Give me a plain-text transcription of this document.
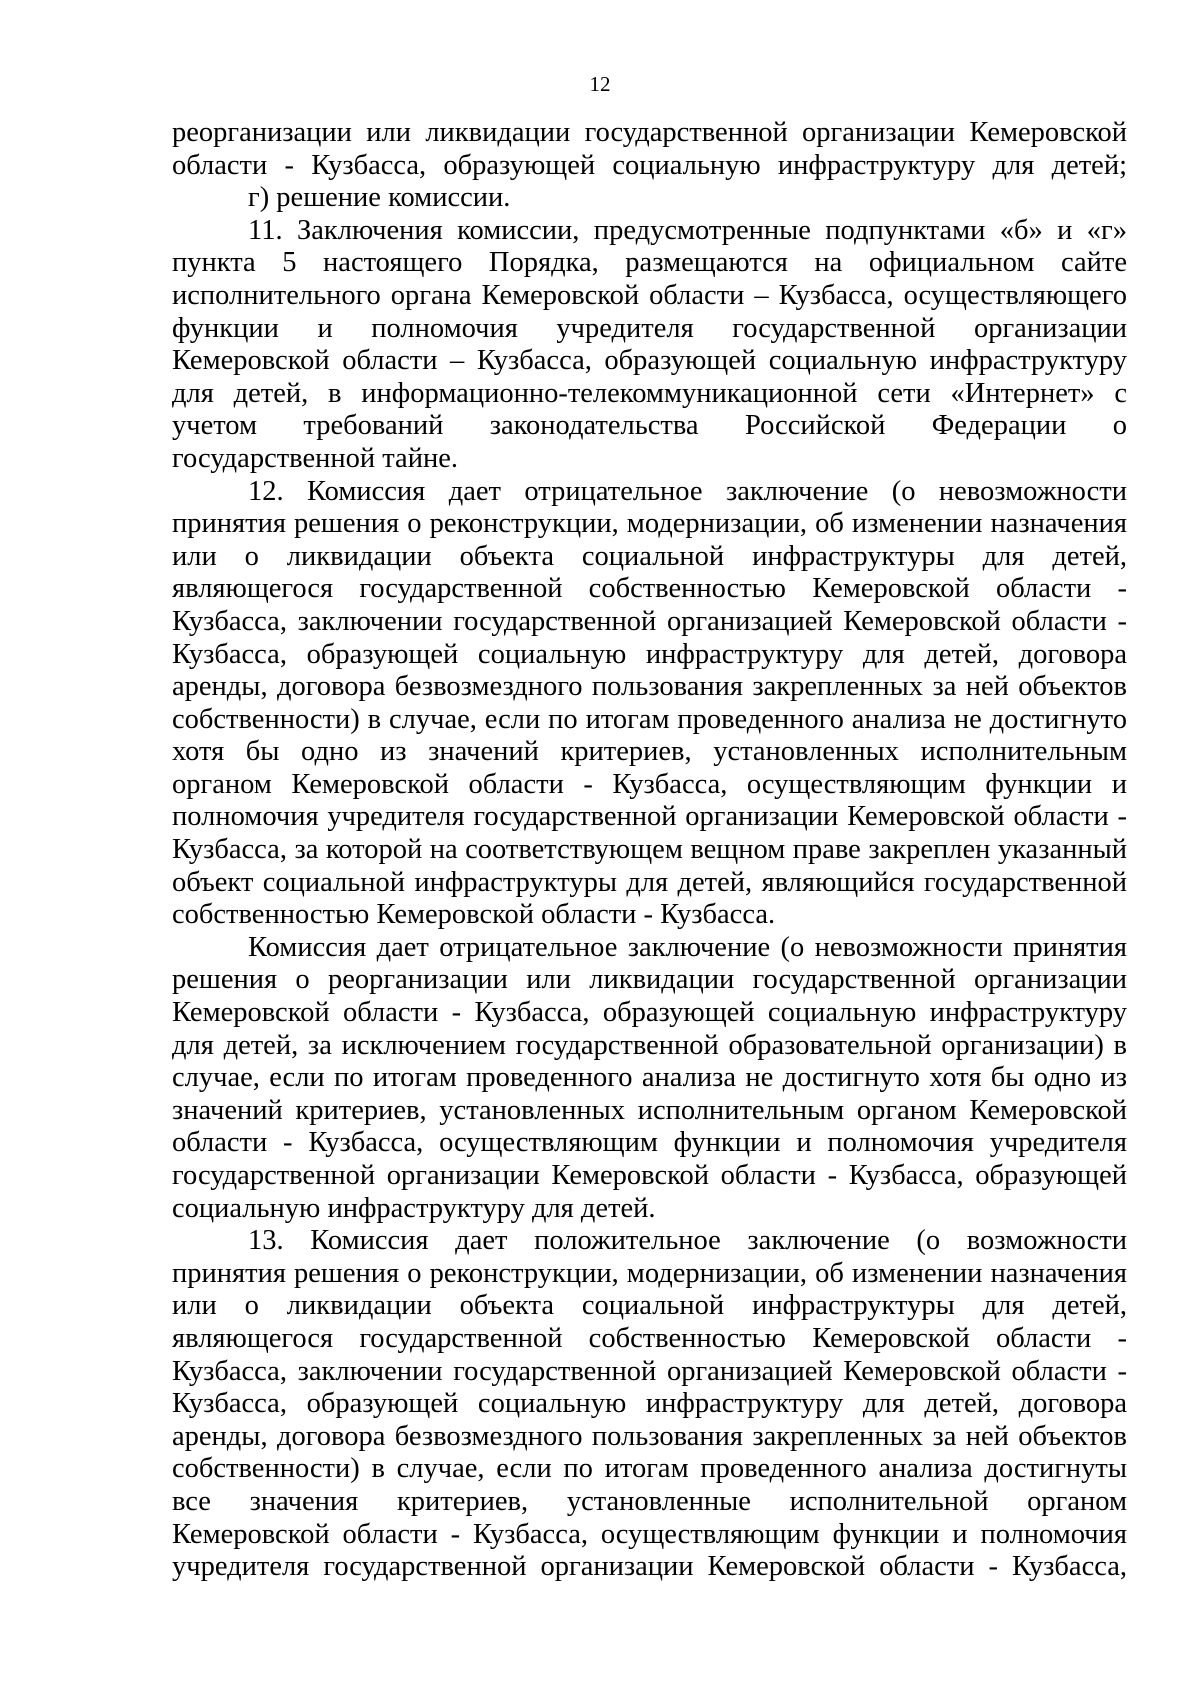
12

реорганизации или ликвидации государственной организации Кемеровской области - Кузбасса, образующей социальную инфраструктуру для детей;

г) решение комиссии.

11. Заключения комиссии, предусмотренные подпунктами «б» и «г» пункта 5 настоящего Порядка, размещаются на официальном сайте исполнительного органа Кемеровской области – Кузбасса, осуществляющего функции и полномочия учредителя государственной организации Кемеровской области – Кузбасса, образующей социальную инфраструктуру для детей, в информационно-телекоммуникационной сети «Интернет» с учетом требований законодательства Российской Федерации о государственной тайне.

12. Комиссия дает отрицательное заключение (о невозможности принятия решения о реконструкции, модернизации, об изменении назначения или о ликвидации объекта социальной инфраструктуры для детей, являющегося государственной собственностью Кемеровской области - Кузбасса, заключении государственной организацией Кемеровской области - Кузбасса, образующей социальную инфраструктуру для детей, договора аренды, договора безвозмездного пользования закрепленных за ней объектов собственности) в случае, если по итогам проведенного анализа не достигнуто хотя бы одно из значений критериев, установленных исполнительным органом Кемеровской области - Кузбасса, осуществляющим функции и полномочия учредителя государственной организации Кемеровской области - Кузбасса, за которой на соответствующем вещном праве закреплен указанный объект социальной инфраструктуры для детей, являющийся государственной собственностью Кемеровской области - Кузбасса.

Комиссия дает отрицательное заключение (о невозможности принятия решения о реорганизации или ликвидации государственной организации Кемеровской области - Кузбасса, образующей социальную инфраструктуру для детей, за исключением государственной образовательной организации) в случае, если по итогам проведенного анализа не достигнуто хотя бы одно из значений критериев, установленных исполнительным органом Кемеровской области - Кузбасса, осуществляющим функции и полномочия учредителя государственной организации Кемеровской области - Кузбасса, образующей социальную инфраструктуру для детей.

13. Комиссия дает положительное заключение (о возможности принятия решения о реконструкции, модернизации, об изменении назначения или о ликвидации объекта социальной инфраструктуры для детей, являющегося государственной собственностью Кемеровской области - Кузбасса, заключении государственной организацией Кемеровской области - Кузбасса, образующей социальную инфраструктуру для детей, договора аренды, договора безвозмездного пользования закрепленных за ней объектов собственности) в случае, если по итогам проведенного анализа достигнуты все значения критериев, установленные исполнительной органом Кемеровской области - Кузбасса, осуществляющим функции и полномочия учредителя государственной организации Кемеровской области - Кузбасса,
